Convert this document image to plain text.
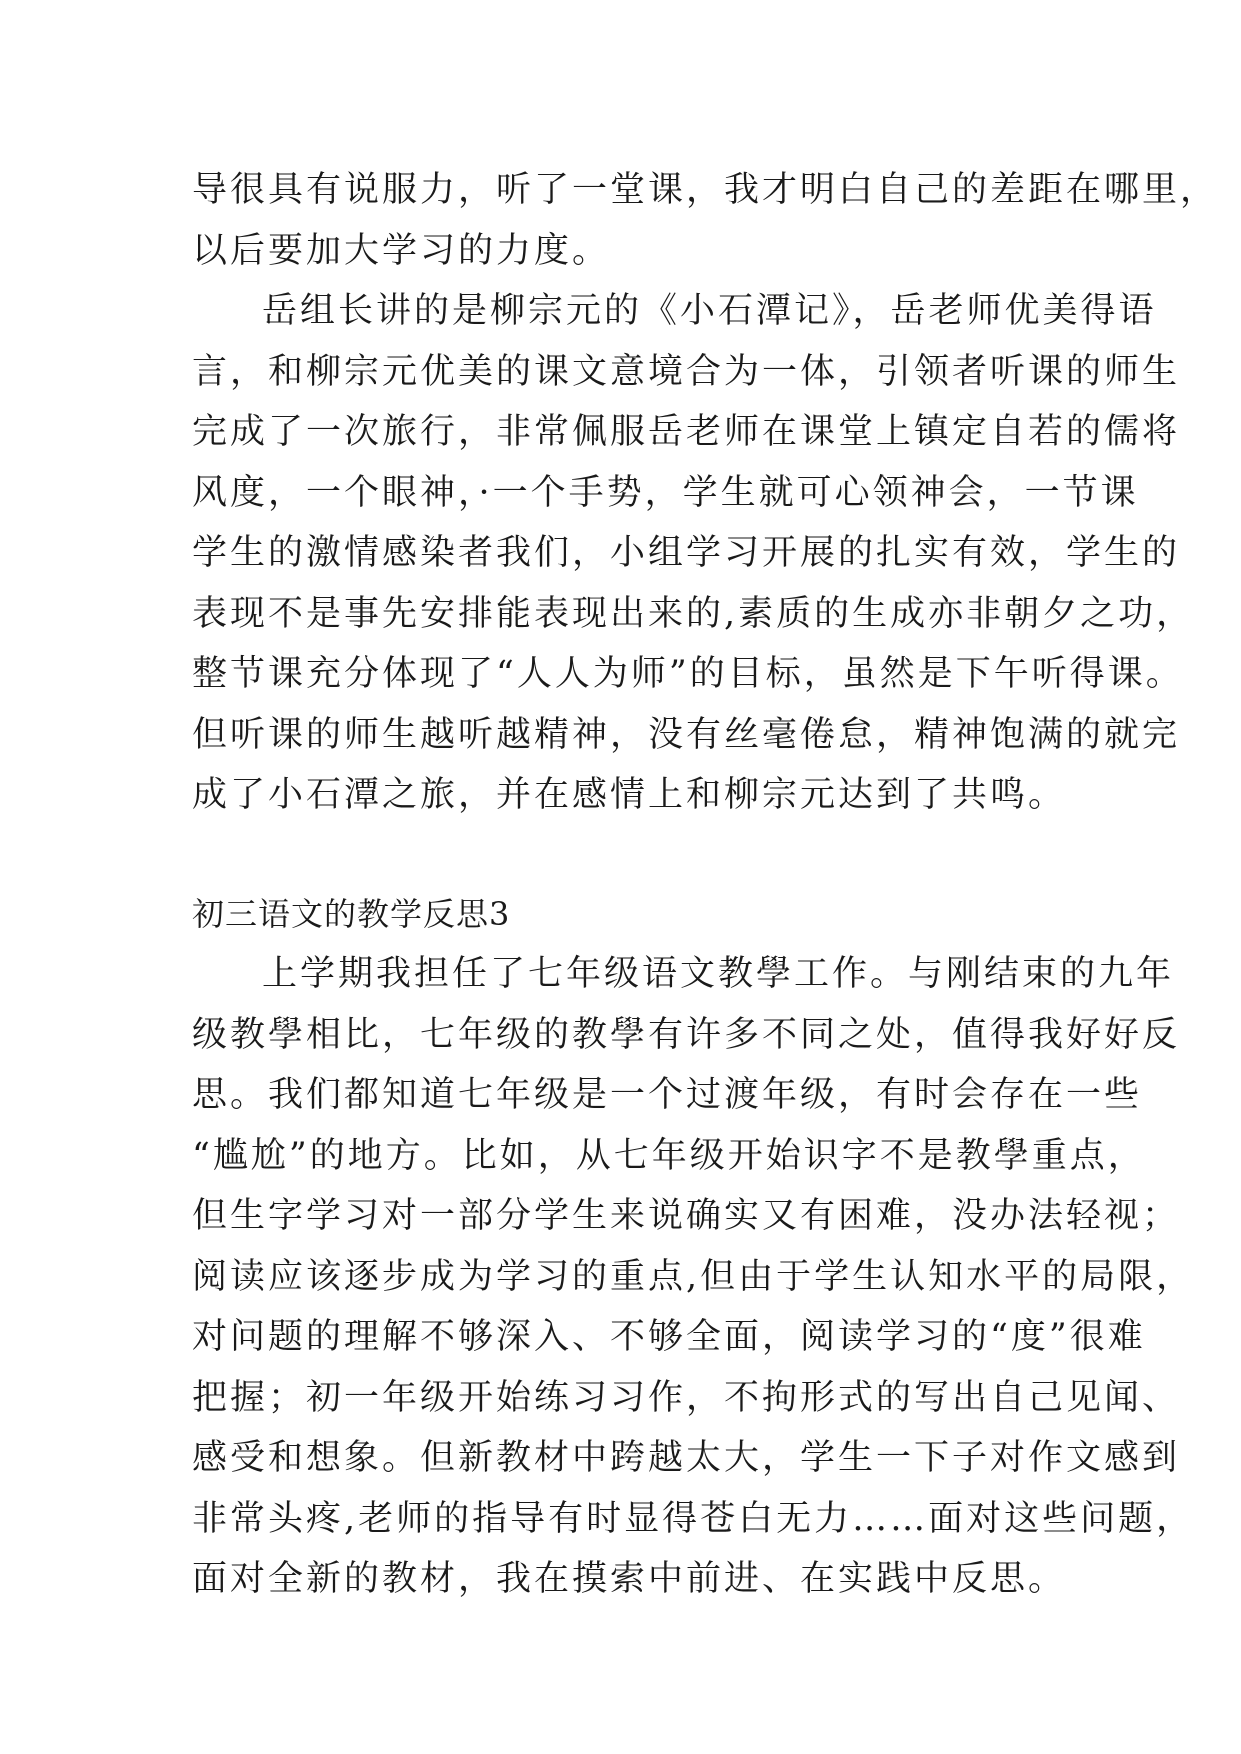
导很具有说服力，听了一堂课，我才明白自己的差距在哪里，
以后要加大学习的力度。
岳组长讲的是柳宗元的《小石潭记》，岳老师优美得语
言，和柳宗元优美的课文意境合为一体，引领者听课的师生
完成了一次旅行，非常佩服岳老师在课堂上镇定自若的儒将
风度，一个眼神，·一个手势，学生就可心领神会，一节课
学生的激情感染者我们，小组学习开展的扎实有效，学生的
表现不是事先安排能表现出来的,素质的生成亦非朝夕之功，
整节课充分体现了“人人为师”的目标，虽然是下午听得课。
但听课的师生越听越精神，没有丝毫倦怠，精神饱满的就完
成了小石潭之旅，并在感情上和柳宗元达到了共鸣。
初三语文的教学反思3
上学期我担任了七年级语文教學工作。与刚结束的九年
级教學相比，七年级的教學有许多不同之处，值得我好好反
思。我们都知道七年级是一个过渡年级，有时会存在一些
“尴尬”的地方。比如，从七年级开始识字不是教學重点，
但生字学习对一部分学生来说确实又有困难，没办法轻视；
阅读应该逐步成为学习的重点,但由于学生认知水平的局限，
对问题的理解不够深入、不够全面，阅读学习的“度”很难
把握；初一年级开始练习习作，不拘形式的写出自己见闻、
感受和想象。但新教材中跨越太大，学生一下子对作文感到
非常头疼,老师的指导有时显得苍白无力……面对这些问题，
面对全新的教材，我在摸索中前进、在实践中反思。
